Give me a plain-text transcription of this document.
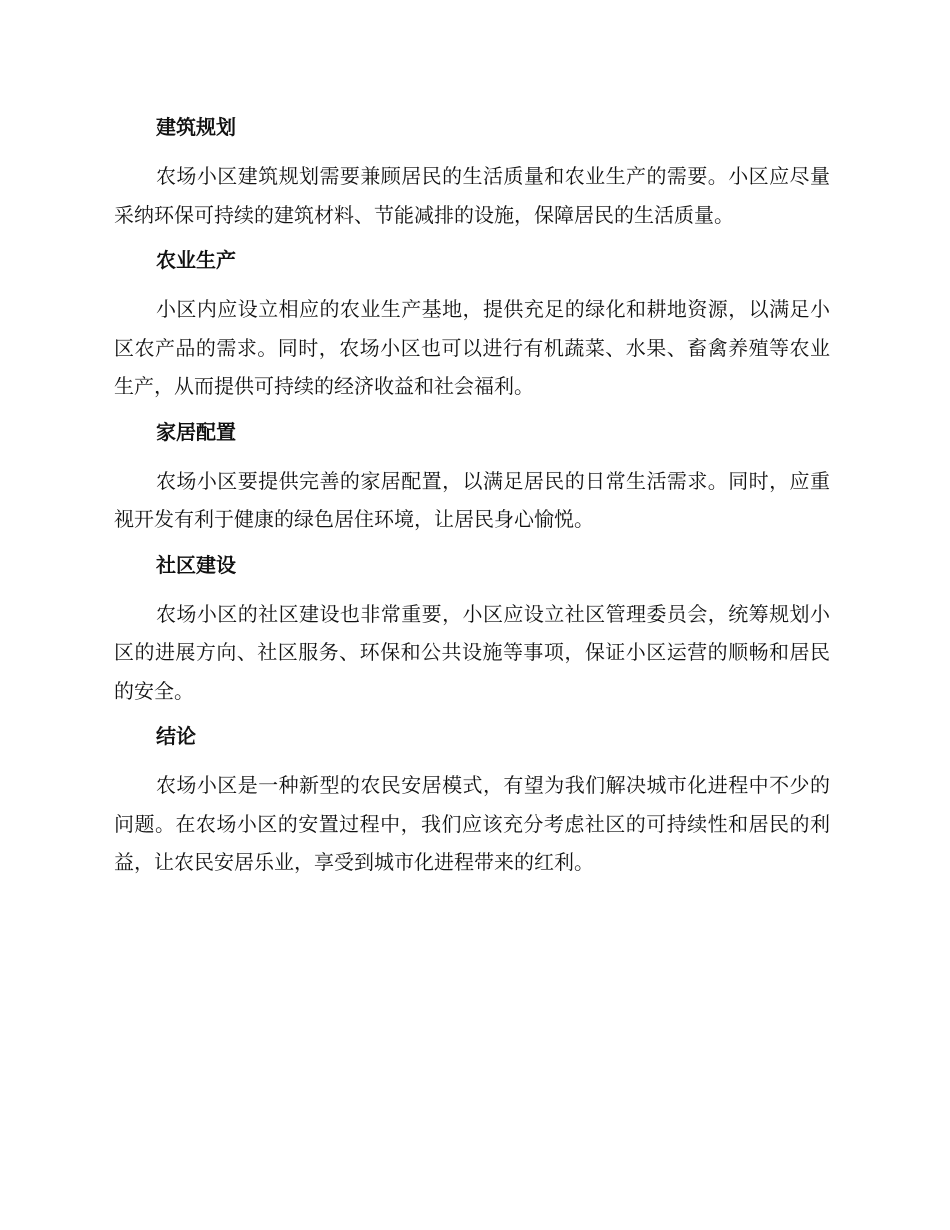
建筑规划

农场小区建筑规划需要兼顾居民的生活质量和农业生产的需要。小区应尽量采纳环保可持续的建筑材料、节能减排的设施，保障居民的生活质量。

农业生产

小区内应设立相应的农业生产基地，提供充足的绿化和耕地资源，以满足小区农产品的需求。同时，农场小区也可以进行有机蔬菜、水果、畜禽养殖等农业生产，从而提供可持续的经济收益和社会福利。

家居配置

农场小区要提供完善的家居配置，以满足居民的日常生活需求。同时，应重视开发有利于健康的绿色居住环境，让居民身心愉悦。

社区建设

农场小区的社区建设也非常重要，小区应设立社区管理委员会，统筹规划小区的进展方向、社区服务、环保和公共设施等事项，保证小区运营的顺畅和居民的安全。

结论

农场小区是一种新型的农民安居模式，有望为我们解决城市化进程中不少的问题。在农场小区的安置过程中，我们应该充分考虑社区的可持续性和居民的利益，让农民安居乐业，享受到城市化进程带来的红利。
